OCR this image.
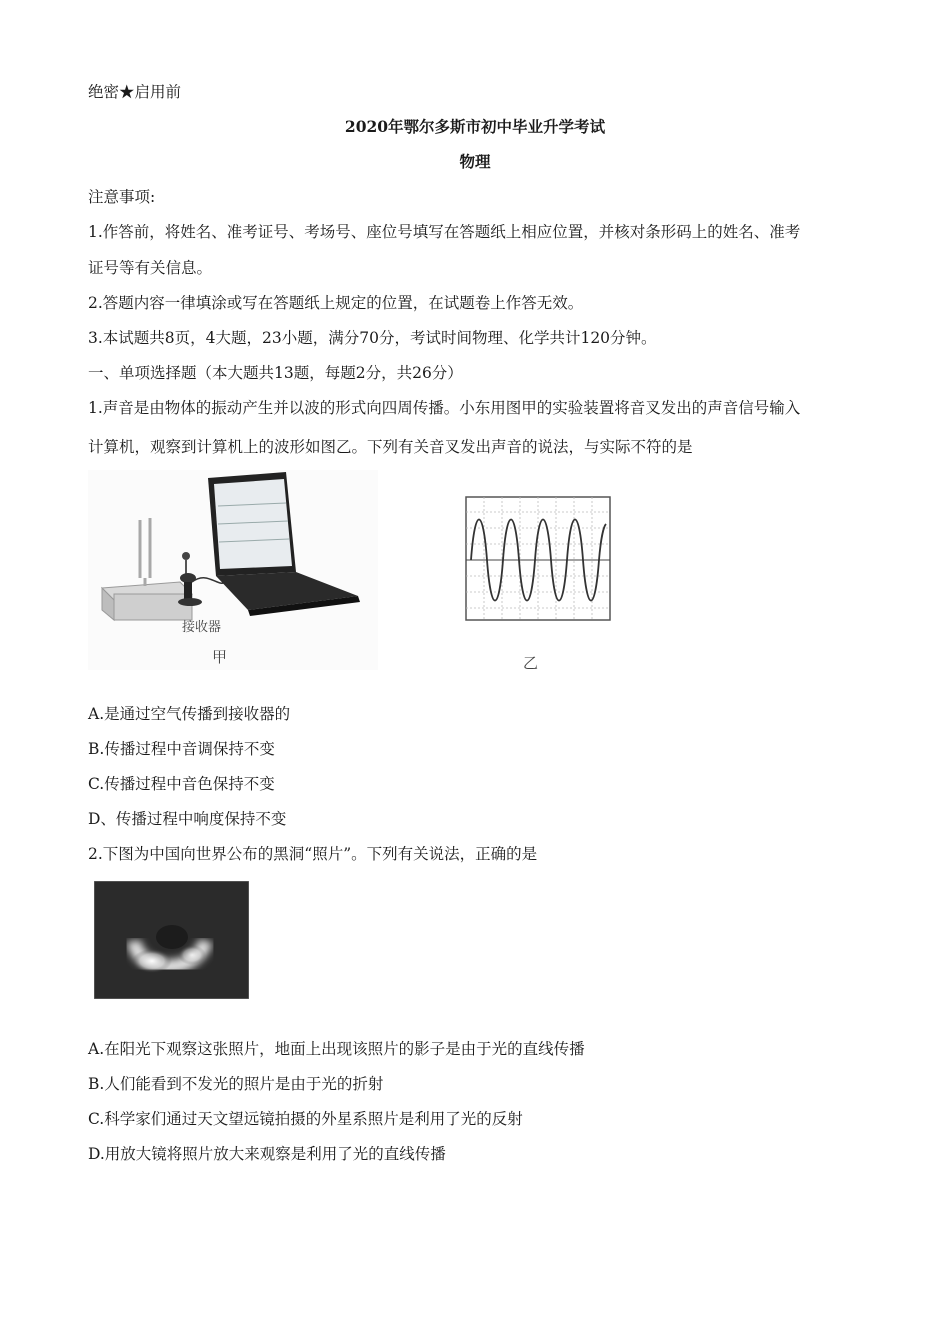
绝密★启用前
2020年鄂尔多斯市初中毕业升学考试
物理
注意事项:
1.作答前，将姓名、准考证号、考场号、座位号填写在答题纸上相应位置，并核对条形码上的姓名、准考
证号等有关信息。
2.答题内容一律填涂或写在答题纸上规定的位置，在试题卷上作答无效。
3.本试题共8页，4大题，23小题，满分70分，考试时间物理、化学共计120分钟。
一、单项选择题（本大题共13题，每题2分，共26分）
1.声音是由物体的振动产生并以波的形式向四周传播。小东用图甲的实验装置将音叉发出的声音信号输入
计算机，观察到计算机上的波形如图乙。下列有关音叉发出声音的说法，与实际不符的是
接收器
甲	乙
A.是通过空气传播到接收器的
B.传播过程中音调保持不变
C.传播过程中音色保持不变
D、传播过程中响度保持不变
2.下图为中国向世界公布的黑洞“照片”。下列有关说法，正确的是
A.在阳光下观察这张照片，地面上出现该照片的影子是由于光的直线传播
B.人们能看到不发光的照片是由于光的折射
C.科学家们通过天文望远镜拍摄的外星系照片是利用了光的反射
D.用放大镜将照片放大来观察是利用了光的直线传播
